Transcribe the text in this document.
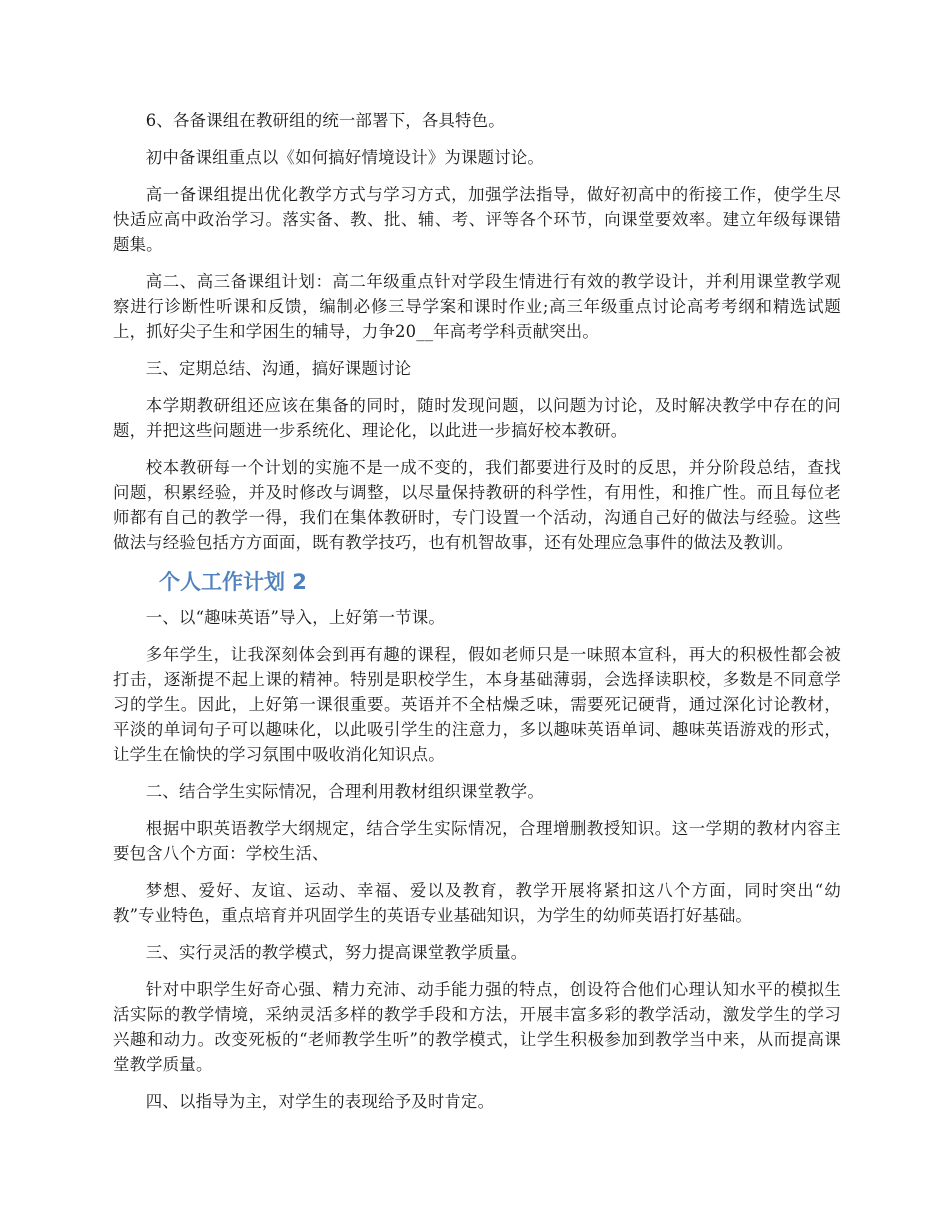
6、各备课组在教研组的统一部署下，各具特色。

初中备课组重点以《如何搞好情境设计》为课题讨论。

高一备课组提出优化教学方式与学习方式，加强学法指导，做好初高中的衔接工作，使学生尽快适应高中政治学习。落实备、教、批、辅、考、评等各个环节，向课堂要效率。建立年级每课错题集。

高二、高三备课组计划：高二年级重点针对学段生情进行有效的教学设计，并利用课堂教学观察进行诊断性听课和反馈，编制必修三导学案和课时作业;高三年级重点讨论高考考纲和精选试题上，抓好尖子生和学困生的辅导，力争20__年高考学科贡献突出。

三、定期总结、沟通，搞好课题讨论

本学期教研组还应该在集备的同时，随时发现问题，以问题为讨论，及时解决教学中存在的问题，并把这些问题进一步系统化、理论化，以此进一步搞好校本教研。

校本教研每一个计划的实施不是一成不变的，我们都要进行及时的反思，并分阶段总结，查找问题，积累经验，并及时修改与调整，以尽量保持教研的科学性，有用性，和推广性。而且每位老师都有自己的教学一得，我们在集体教研时，专门设置一个活动，沟通自己好的做法与经验。这些做法与经验包括方方面面，既有教学技巧，也有机智故事，还有处理应急事件的做法及教训。

个人工作计划 2

一、以“趣味英语”导入，上好第一节课。

多年学生，让我深刻体会到再有趣的课程，假如老师只是一味照本宣科，再大的积极性都会被打击，逐渐提不起上课的精神。特别是职校学生，本身基础薄弱，会选择读职校，多数是不同意学习的学生。因此，上好第一课很重要。英语并不全枯燥乏味，需要死记硬背，通过深化讨论教材，平淡的单词句子可以趣味化，以此吸引学生的注意力，多以趣味英语单词、趣味英语游戏的形式，让学生在愉快的学习氛围中吸收消化知识点。

二、结合学生实际情况，合理利用教材组织课堂教学。

根据中职英语教学大纲规定，结合学生实际情况，合理增删教授知识。这一学期的教材内容主要包含八个方面：学校生活、

梦想、爱好、友谊、运动、幸福、爱以及教育，教学开展将紧扣这八个方面，同时突出“幼教”专业特色，重点培育并巩固学生的英语专业基础知识，为学生的幼师英语打好基础。

三、实行灵活的教学模式，努力提高课堂教学质量。

针对中职学生好奇心强、精力充沛、动手能力强的特点，创设符合他们心理认知水平的模拟生活实际的教学情境，采纳灵活多样的教学手段和方法，开展丰富多彩的教学活动，激发学生的学习兴趣和动力。改变死板的“老师教学生听”的教学模式，让学生积极参加到教学当中来，从而提高课堂教学质量。

四、以指导为主，对学生的表现给予及时肯定。
